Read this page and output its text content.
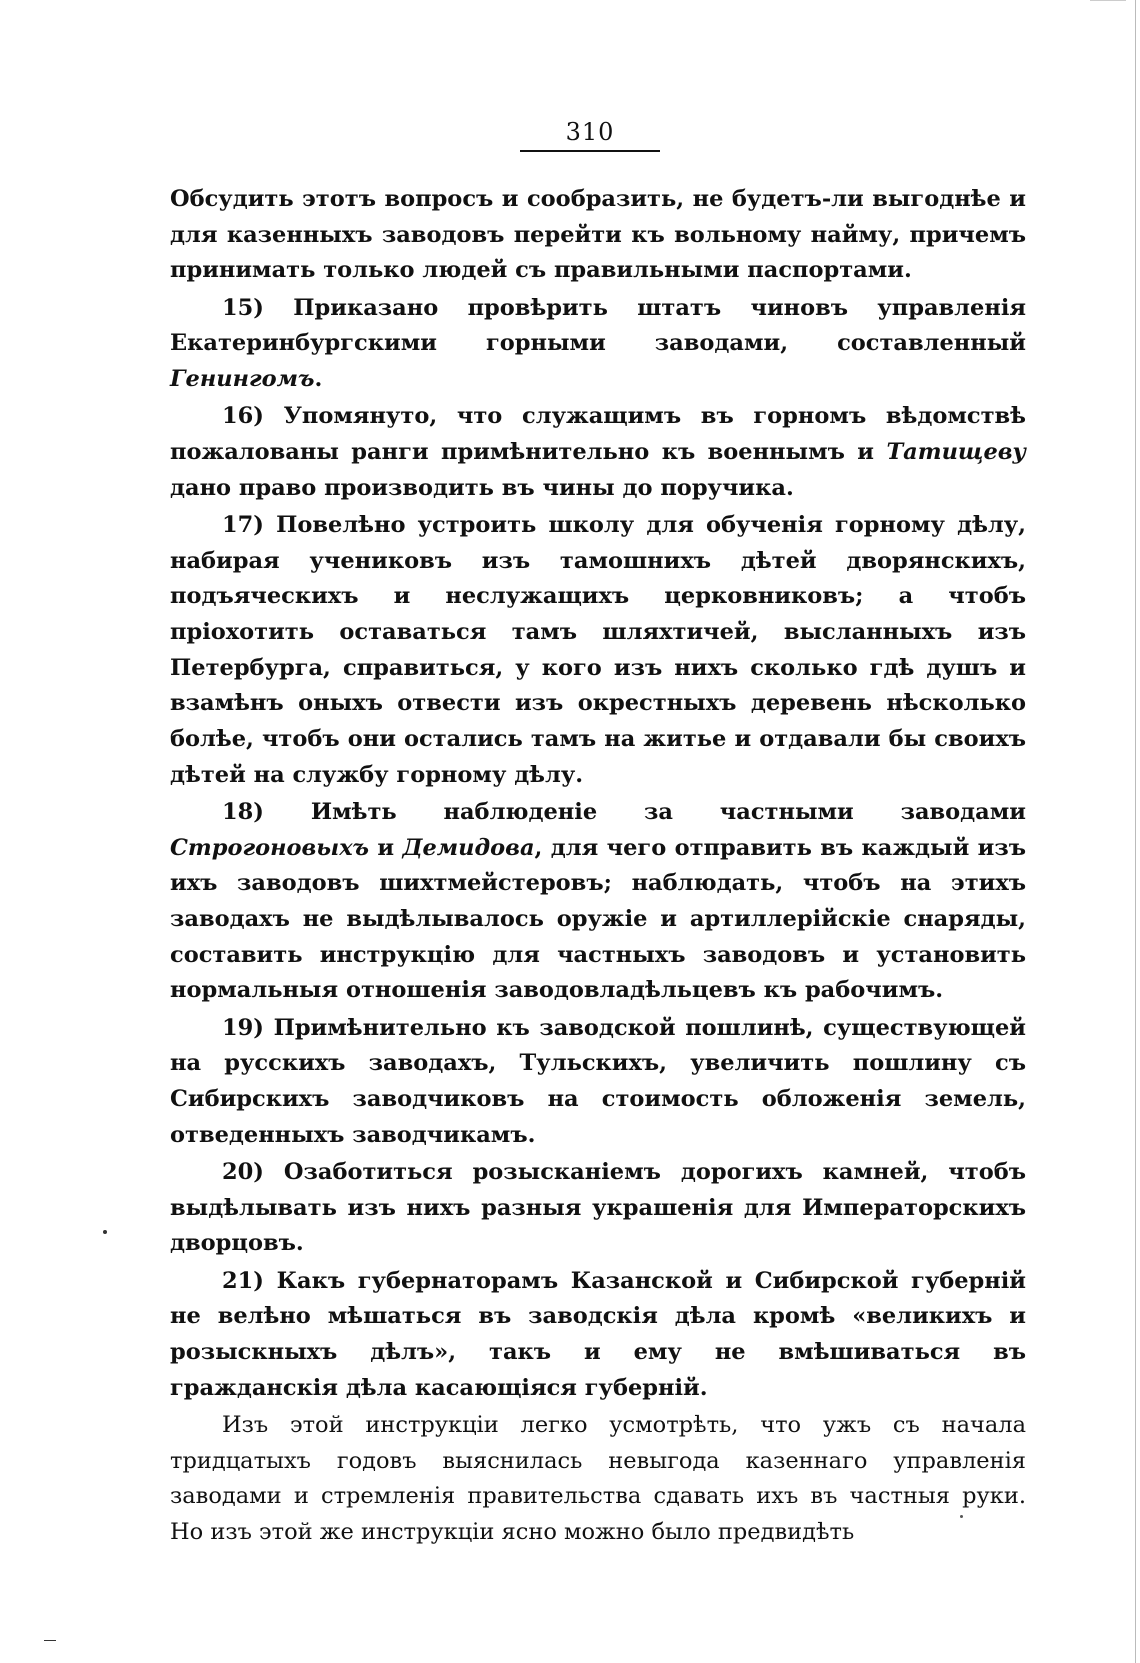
310

Обсудить этотъ вопросъ и сообразить, не будетъ-ли выгоднѣе и для казенныхъ заводовъ перейти къ вольному найму, причемъ принимать только людей съ правильными паспортами.

15) Приказано провѣрить штатъ чиновъ управленія Екатеринбургскими горными заводами, составленный Генингомъ.

16) Упомянуто, что служащимъ въ горномъ вѣдомствѣ пожалованы ранги примѣнительно къ военнымъ и Татищеву дано право производить въ чины до поручика.

17) Повелѣно устроить школу для обученія горному дѣлу, набирая учениковъ изъ тамошнихъ дѣтей дворянскихъ, подъяческихъ и неслужащихъ церковниковъ; а чтобъ пріохотить оставаться тамъ шляхтичей, высланныхъ изъ Петербурга, справиться, у кого изъ нихъ сколько гдѣ душъ и взамѣнъ оныхъ отвести изъ окрестныхъ деревень нѣсколько болѣе, чтобъ они остались тамъ на житье и отдавали бы своихъ дѣтей на службу горному дѣлу.

18) Имѣть наблюденіе за частными заводами Строгоновыхъ и Демидова, для чего отправить въ каждый изъ ихъ заводовъ шихтмейстеровъ; наблюдать, чтобъ на этихъ заводахъ не выдѣлывалось оружіе и артиллерійскіе снаряды, составить инструкцію для частныхъ заводовъ и установить нормальныя отношенія заводовладѣльцевъ къ рабочимъ.

19) Примѣнительно къ заводской пошлинѣ, существующей на русскихъ заводахъ, Тульскихъ, увеличить пошлину съ Сибирскихъ заводчиковъ на стоимость обложенія земель, отведенныхъ заводчикамъ.

20) Озаботиться розысканіемъ дорогихъ камней, чтобъ выдѣлывать изъ нихъ разныя украшенія для Императорскихъ дворцовъ.

21) Какъ губернаторамъ Казанской и Сибирской губерній не велѣно мѣшаться въ заводскія дѣла кромѣ «великихъ и розыскныхъ дѣлъ», такъ и ему не вмѣшиваться въ гражданскія дѣла касающіяся губерній.

Изъ этой инструкціи легко усмотрѣть, что ужъ съ начала тридцатыхъ годовъ выяснилась невыгода казеннаго управленія заводами и стремленія правительства сдавать ихъ въ частныя руки. Но изъ этой же инструкціи ясно можно было предвидѣть
